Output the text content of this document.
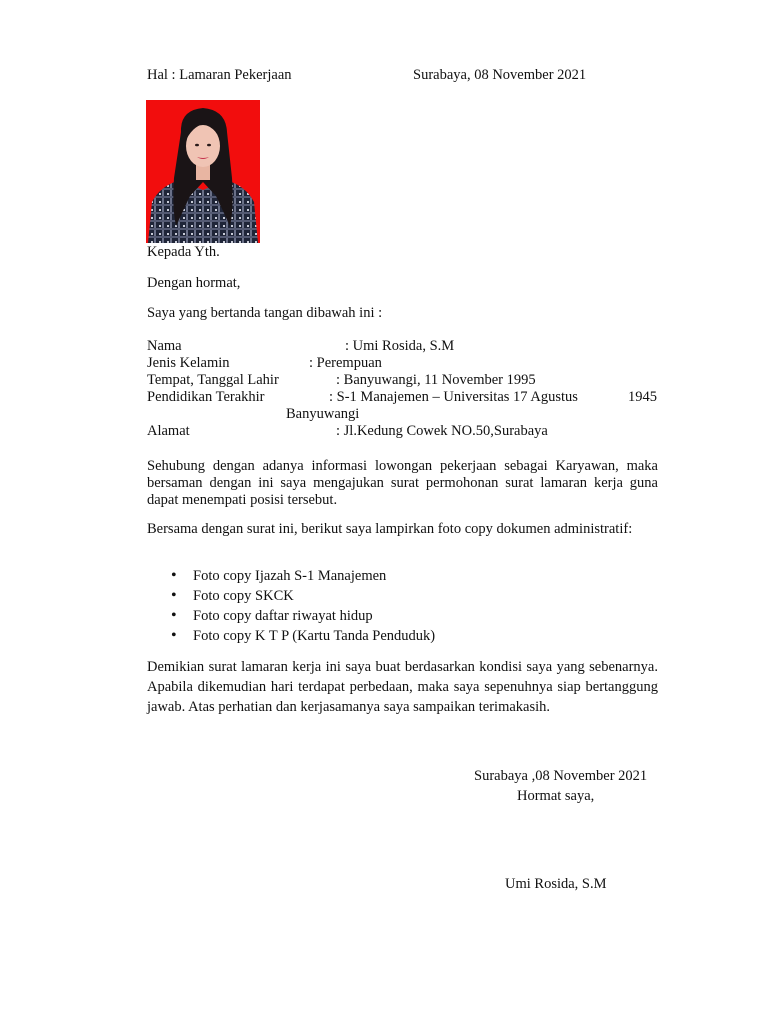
Hal : Lamaran Pekerjaan	Surabaya, 08 November 2021
Kepada Yth.
Dengan hormat,
Saya yang bertanda tangan dibawah ini :
Nama	: Umi Rosida, S.M
Jenis Kelamin	: Perempuan
Tempat, Tanggal Lahir	: Banyuwangi, 11 November 1995
Pendidikan Terakhir	: S-1 Manajemen – Universitas 17 Agustus	1945
Banyuwangi
Alamat	: Jl.Kedung Cowek NO.50,Surabaya
Sehubung dengan adanya informasi lowongan pekerjaan sebagai Karyawan, maka bersaman dengan ini saya mengajukan surat permohonan surat lamaran kerja guna dapat menempati posisi tersebut.
Bersama dengan surat ini, berikut saya lampirkan foto copy dokumen administratif:
• Foto copy Ijazah S-1 Manajemen
• Foto copy SKCK
• Foto copy daftar riwayat hidup
• Foto copy K T P (Kartu Tanda Penduduk)
Demikian surat lamaran kerja ini saya buat berdasarkan kondisi saya yang sebenarnya. Apabila dikemudian hari terdapat perbedaan, maka saya sepenuhnya siap bertanggung jawab. Atas perhatian dan kerjasamanya saya sampaikan terimakasih.
Surabaya ,08 November 2021
Hormat saya,
Umi Rosida, S.M
